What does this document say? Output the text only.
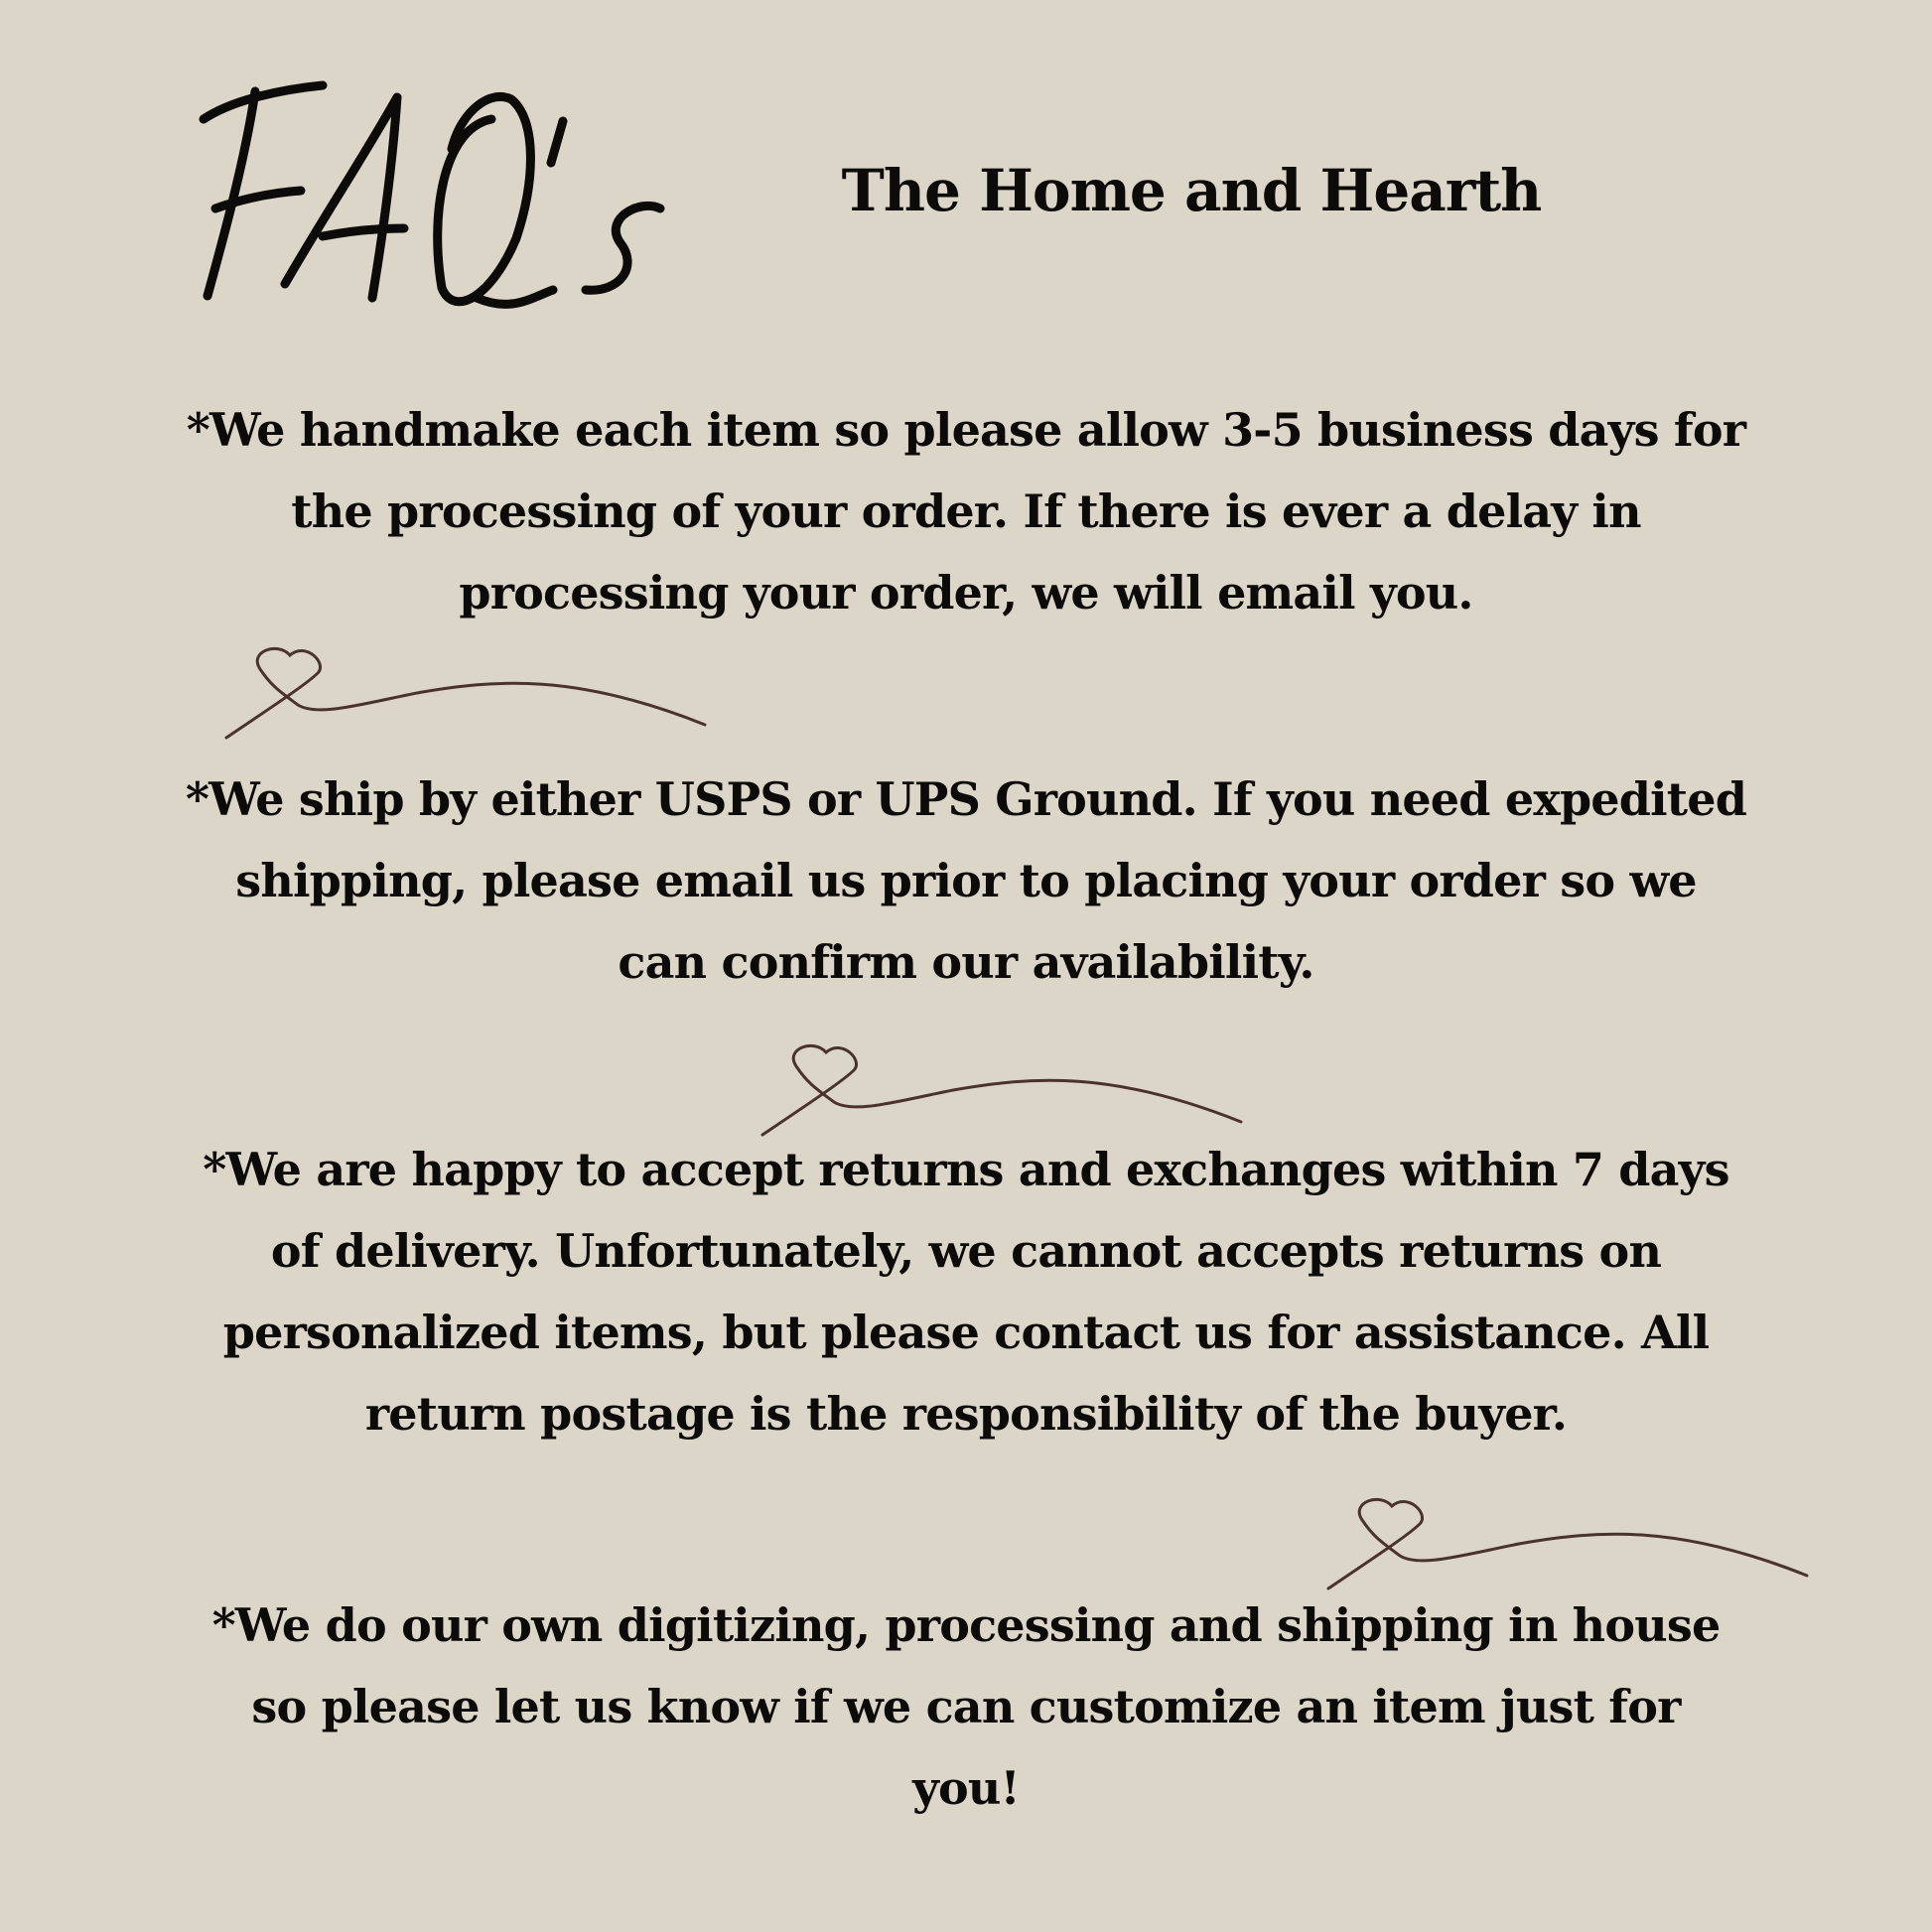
The Home and Hearth

*We handmake each item so please allow 3-5 business days for
the processing of your order. If there is ever a delay in
processing your order, we will email you.

*We ship by either USPS or UPS Ground. If you need expedited
shipping, please email us prior to placing your order so we
can confirm our availability.

*We are happy to accept returns and exchanges within 7 days
of delivery. Unfortunately, we cannot accepts returns on
personalized items, but please contact us for assistance. All
return postage is the responsibility of the buyer.

*We do our own digitizing, processing and shipping in house
so please let us know if we can customize an item just for
you!
